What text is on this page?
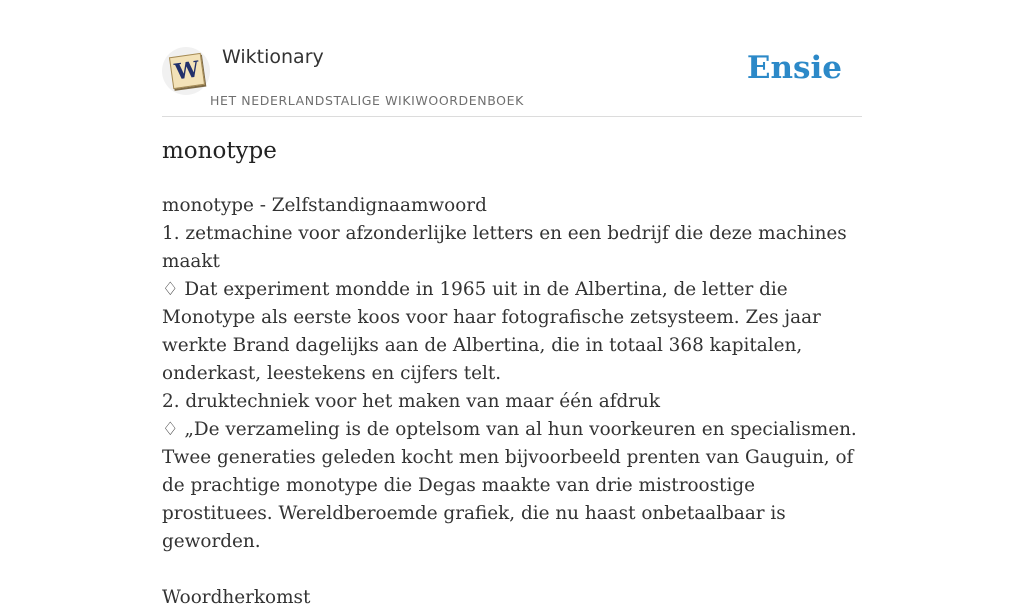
W Wiktionary
HET NEDERLANDSTALIGE WIKIWOORDENBOEK
Ensie
monotype

monotype - Zelfstandignaamwoord

1. zetmachine voor afzonderlijke letters en een bedrijf die deze machines maakt

♢ Dat experiment mondde in 1965 uit in de Albertina, de letter die Monotype als eerste koos voor haar fotografische zetsysteem. Zes jaar werkte Brand dagelijks aan de Albertina, die in totaal 368 kapitalen, onderkast, leestekens en cijfers telt.

2. druktechniek voor het maken van maar één afdruk

♢ „De verzameling is de optelsom van al hun voorkeuren en specialismen. Twee generaties geleden kocht men bijvoorbeeld prenten van Gauguin, of de prachtige monotype die Degas maakte van drie mistroostige prostituees. Wereldberoemde grafiek, die nu haast onbetaalbaar is geworden.

Woordherkomst
